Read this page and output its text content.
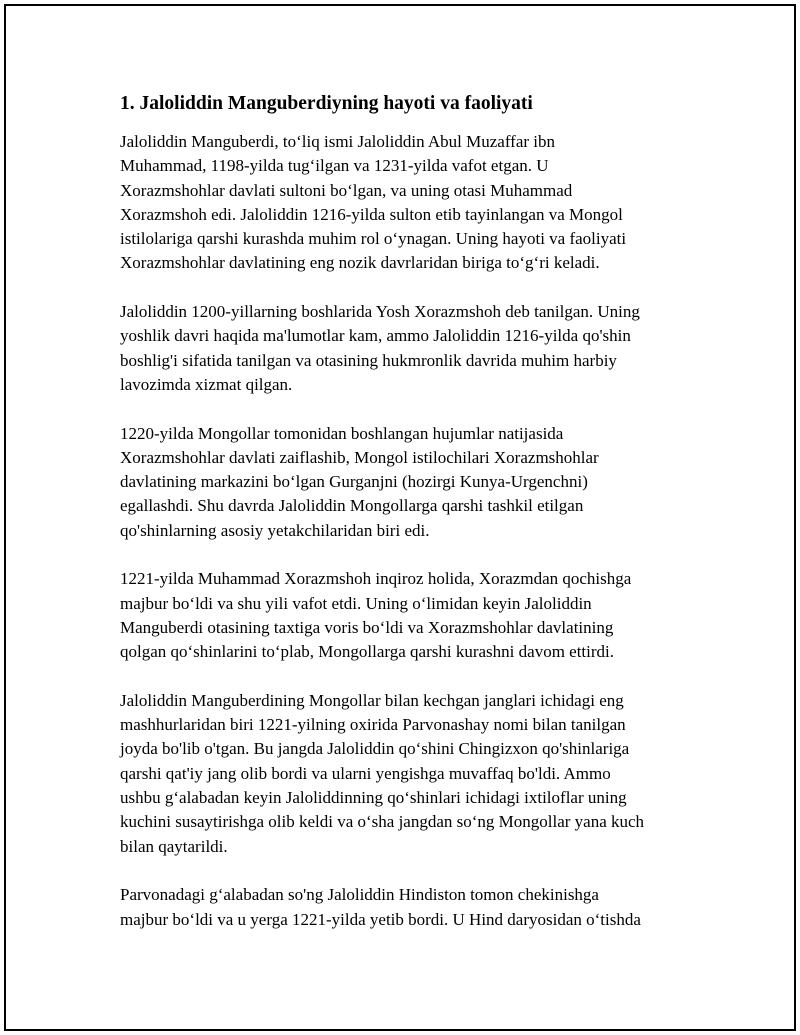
1. Jaloliddin Manguberdiyning hayoti va faoliyati

Jaloliddin Manguberdi, to‘liq ismi Jaloliddin Abul Muzaffar ibn
Muhammad, 1198-yilda tug‘ilgan va 1231-yilda vafot etgan. U
Xorazmshohlar davlati sultoni bo‘lgan, va uning otasi Muhammad
Xorazmshoh edi. Jaloliddin 1216-yilda sulton etib tayinlangan va Mongol
istilolariga qarshi kurashda muhim rol o‘ynagan. Uning hayoti va faoliyati
Xorazmshohlar davlatining eng nozik davrlaridan biriga to‘g‘ri keladi.

Jaloliddin 1200-yillarning boshlarida Yosh Xorazmshoh deb tanilgan. Uning
yoshlik davri haqida ma'lumotlar kam, ammo Jaloliddin 1216-yilda qo'shin
boshlig'i sifatida tanilgan va otasining hukmronlik davrida muhim harbiy
lavozimda xizmat qilgan.

1220-yilda Mongollar tomonidan boshlangan hujumlar natijasida
Xorazmshohlar davlati zaiflashib, Mongol istilochilari Xorazmshohlar
davlatining markazini bo‘lgan Gurganjni (hozirgi Kunya-Urgenchni)
egallashdi. Shu davrda Jaloliddin Mongollarga qarshi tashkil etilgan
qo'shinlarning asosiy yetakchilaridan biri edi.

1221-yilda Muhammad Xorazmshoh inqiroz holida, Xorazmdan qochishga
majbur bo‘ldi va shu yili vafot etdi. Uning o‘limidan keyin Jaloliddin
Manguberdi otasining taxtiga voris bo‘ldi va Xorazmshohlar davlatining
qolgan qo‘shinlarini to‘plab, Mongollarga qarshi kurashni davom ettirdi.

Jaloliddin Manguberdining Mongollar bilan kechgan janglari ichidagi eng
mashhurlaridan biri 1221-yilning oxirida Parvonashay nomi bilan tanilgan
joyda bo'lib o'tgan. Bu jangda Jaloliddin qo‘shini Chingizxon qo'shinlariga
qarshi qat'iy jang olib bordi va ularni yengishga muvaffaq bo'ldi. Ammo
ushbu g‘alabadan keyin Jaloliddinning qo‘shinlari ichidagi ixtiloflar uning
kuchini susaytirishga olib keldi va o‘sha jangdan so‘ng Mongollar yana kuch
bilan qaytarildi.

Parvonadagi g‘alabadan so'ng Jaloliddin Hindiston tomon chekinishga
majbur bo‘ldi va u yerga 1221-yilda yetib bordi. U Hind daryosidan o‘tishda
